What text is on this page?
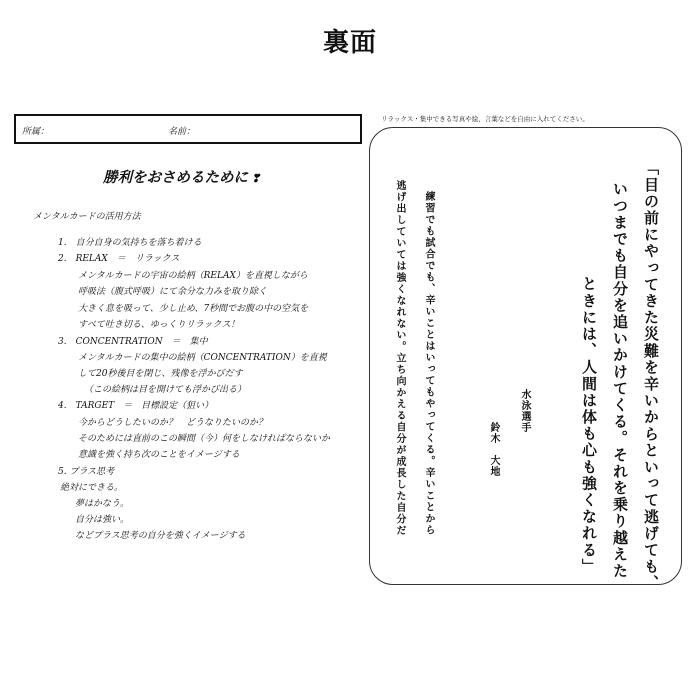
裏面
所属：	名前：
勝利をおさめるために ❣
メンタルカードの活用方法
1.　自分自身の気持ちを落ち着ける
2.　RELAX　＝　リラックス
メンタルカードの宇宙の絵柄（RELAX）を直視しながら
呼吸法（腹式呼吸）にて余分な力みを取り除く
大きく息を吸って、少し止め、7秒間でお腹の中の空気を
すべて吐き切る、ゆっくりリラックス！
3.　CONCENTRATION　＝　集中
メンタルカードの集中の絵柄（CONCENTRATION）を直視
して20秒後目を閉じ、残像を浮かびだす
（この絵柄は目を開けても浮かび出る）
4.　TARGET　＝　目標設定（狙い）
今からどうしたいのか？　どうなりたいのか？
そのためには直前のこの瞬間（今）何をしなければならないか
意識を強く持ち次のことをイメージする
5. プラス思考
絶対にできる。
夢はかなう。
自分は強い。
などプラス思考の自分を強くイメージする
リラックス・集中できる写真や絵、言葉などを自由に入れてください。
「目の前にやってきた災難を辛いからといって逃げても、
いつまでも自分を追いかけてくる。それを乗り越えた
ときには、人間は体も心も強くなれる」
水泳選手
鈴木　大地
練習でも試合でも、辛いことはいってもやってくる。辛いことから
逃げ出していては強くなれない。立ち向かえる自分が成長した自分だ
